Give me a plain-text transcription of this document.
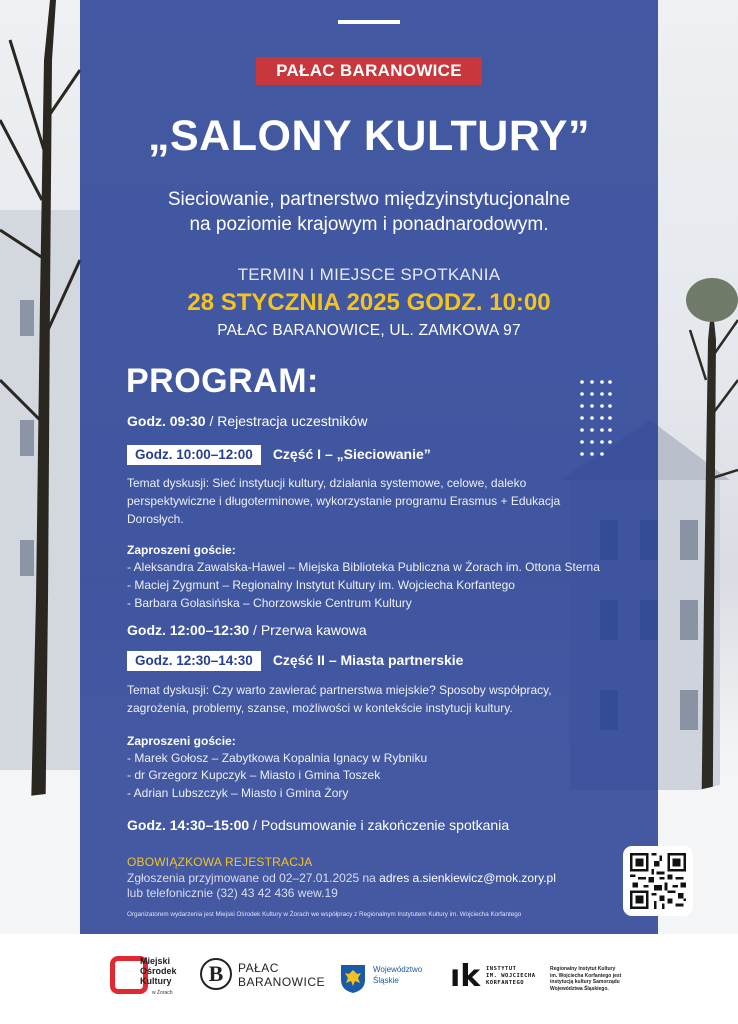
PAŁAC BARANOWICE
„SALONY KULTURY”
Sieciowanie, partnerstwo międzyinstytucjonalne
na poziomie krajowym i ponadnarodowym.
TERMIN I MIEJSCE SPOTKANIA
28 STYCZNIA 2025 GODZ. 10:00
PAŁAC BARANOWICE, UL. ZAMKOWA 97
PROGRAM:
Godz. 09:30 / Rejestracja uczestników
Godz. 10:00–12:00 Część I – „Sieciowanie”
Temat dyskusji: Sieć instytucji kultury, działania systemowe, celowe, daleko
perspektywiczne i długoterminowe, wykorzystanie programu Erasmus + Edukacja
Dorosłych.
Zaproszeni goście:
- Aleksandra Zawalska-Hawel – Miejska Biblioteka Publiczna w Żorach im. Ottona Sterna
- Maciej Zygmunt – Regionalny Instytut Kultury im. Wojciecha Korfantego
- Barbara Golasińska – Chorzowskie Centrum Kultury
Godz. 12:00–12:30 / Przerwa kawowa
Godz. 12:30–14:30 Część II – Miasta partnerskie
Temat dyskusji: Czy warto zawierać partnerstwa miejskie? Sposoby współpracy,
zagrożenia, problemy, szanse, możliwości w kontekście instytucji kultury.
Zaproszeni goście:
- Marek Gołosz – Zabytkowa Kopalnia Ignacy w Rybniku
- dr Grzegorz Kupczyk – Miasto i Gmina Toszek
- Adrian Lubszczyk – Miasto i Gmina Żory
Godz. 14:30–15:00 / Podsumowanie i zakończenie spotkania
OBOWIĄZKOWA REJESTRACJA
Zgłoszenia przyjmowane od 02–27.01.2025 na adres a.sienkiewicz@mok.zory.pl
lub telefonicznie (32) 43 42 436 wew.19
Organizatorem wydarzenia jest Miejski Ośrodek Kultury w Żorach we współpracy z Regionalnym Instytutem Kultury im. Wojciecha Korfantego
Miejski
Ośrodek
Kultury
w Żorach
B	PAŁAC
BARANOWICE
Województwo
Śląskie	ık INSTYTUT
IM. WOJCIECHA
KORFANTEGO
Regionalny Instytut Kultury
im. Wojciecha Korfantego jest
instytucją kultury Samorządu
Województwa Śląskiego.
